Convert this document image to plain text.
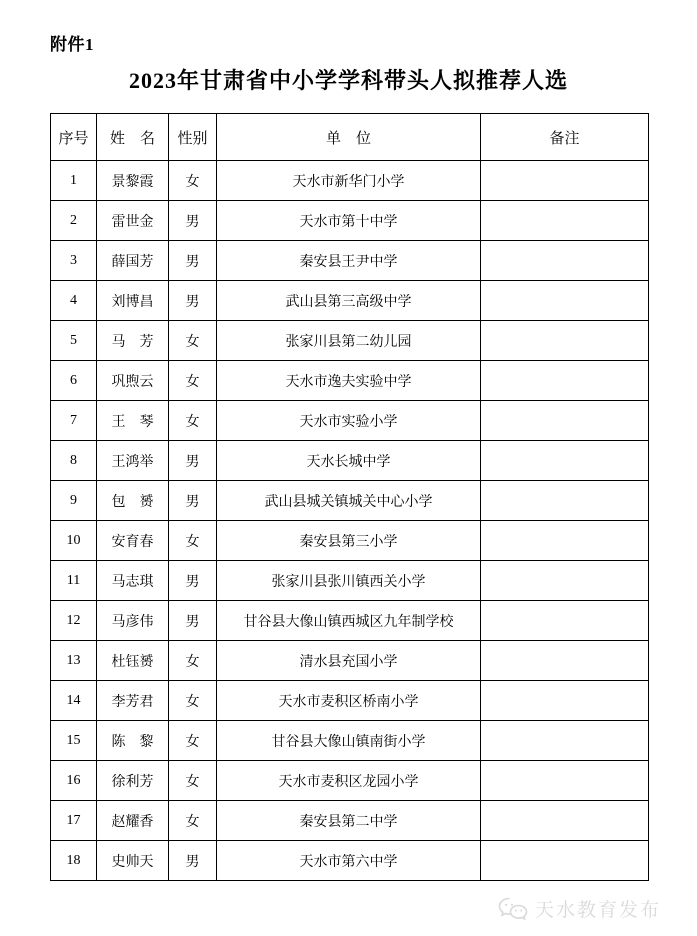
附件1
2023年甘肃省中小学学科带头人拟推荐人选
序号	姓　名	性别	单　位	备注
1	景黎霞	女	天水市新华门小学	
2	雷世金	男	天水市第十中学	
3	薛国芳	男	秦安县王尹中学	
4	刘博昌	男	武山县第三高级中学	
5	马　芳	女	张家川县第二幼儿园	
6	巩煦云	女	天水市逸夫实验中学	
7	王　琴	女	天水市实验小学	
8	王鸿举	男	天水长城中学	
9	包　赟	男	武山县城关镇城关中心小学	
10	安育春	女	秦安县第三小学	
11	马志琪	男	张家川县张川镇西关小学	
12	马彦伟	男	甘谷县大像山镇西城区九年制学校	
13	杜钰赟	女	清水县充国小学	
14	李芳君	女	天水市麦积区桥南小学	
15	陈　黎	女	甘谷县大像山镇南街小学	
16	徐利芳	女	天水市麦积区龙园小学	
17	赵耀香	女	秦安县第二中学	
18	史帅天	男	天水市第六中学	
天水教育发布
